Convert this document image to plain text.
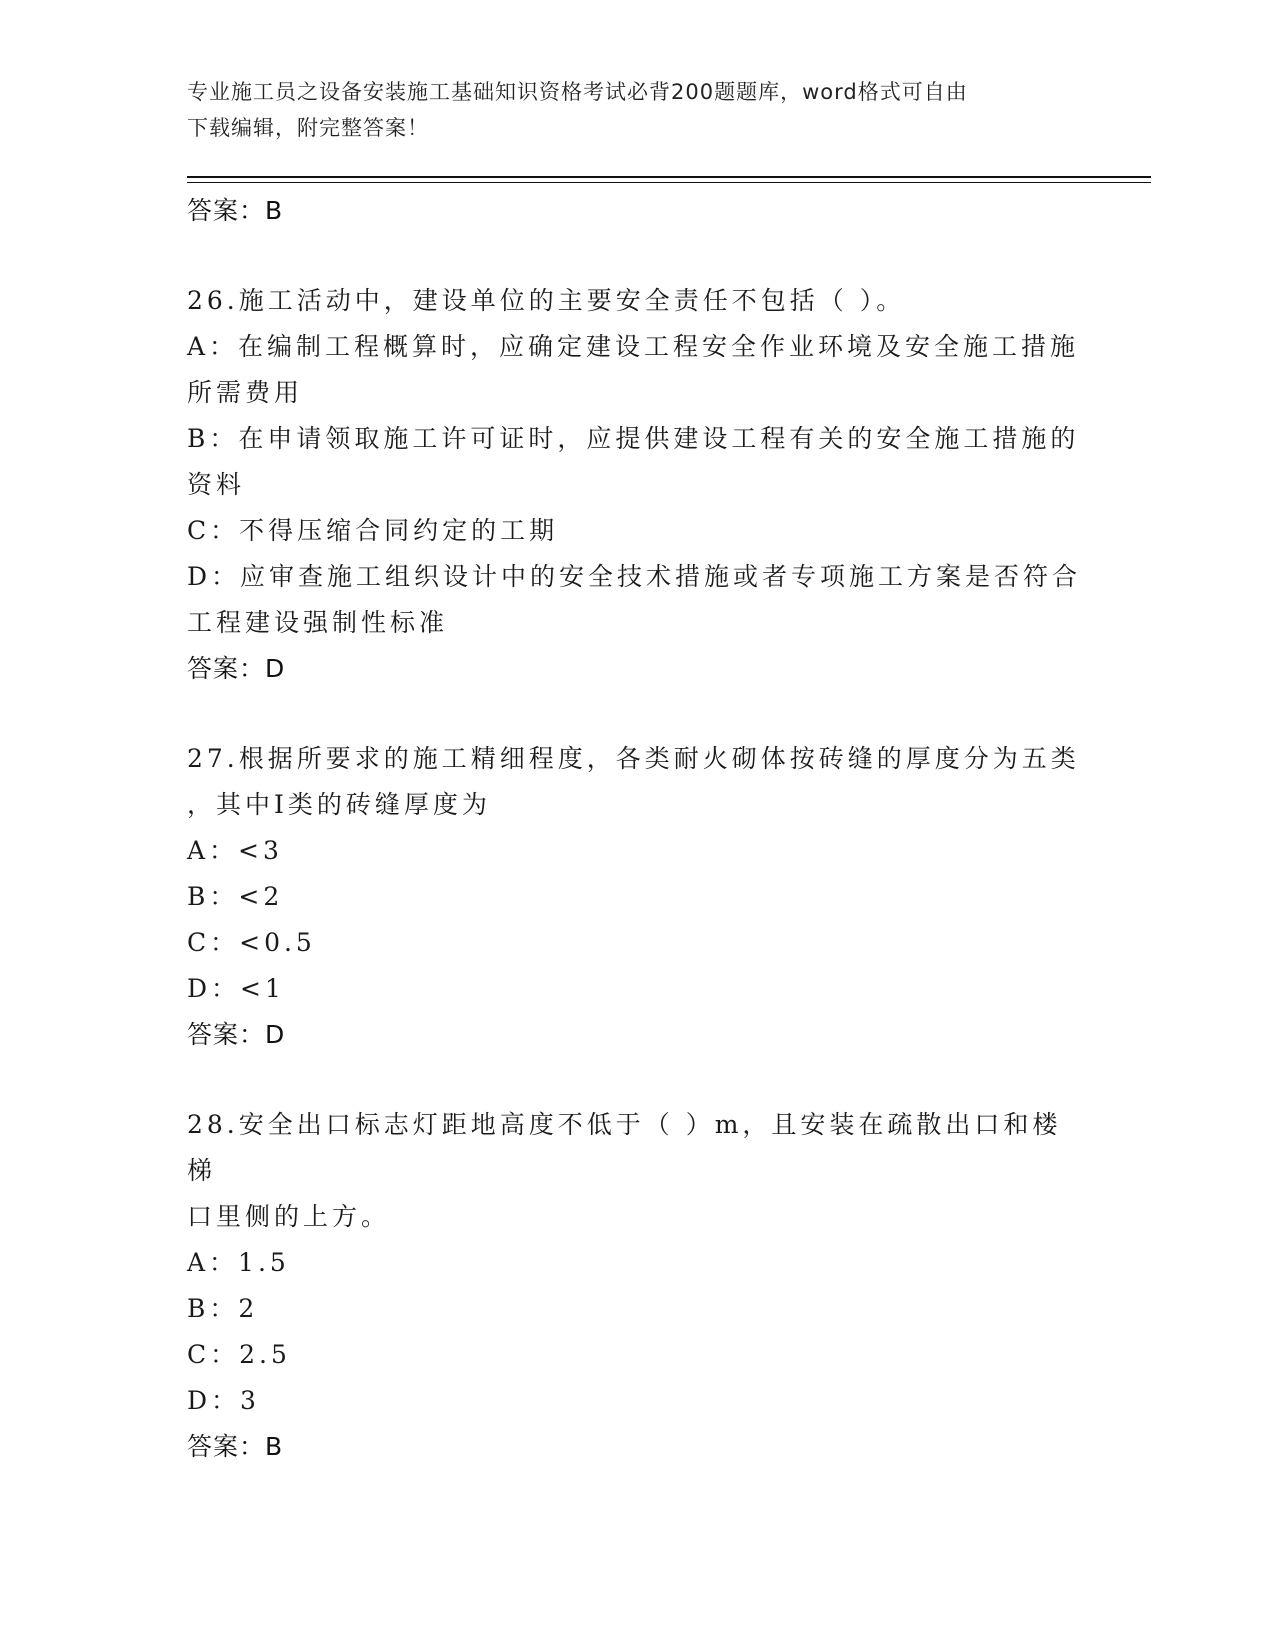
专业施工员之设备安装施工基础知识资格考试必背200题题库，word格式可自由
下载编辑，附完整答案！

答案：B

26.施工活动中，建设单位的主要安全责任不包括（ ）。

A：在编制工程概算时，应确定建设工程安全作业环境及安全施工措施

所需费用

B：在申请领取施工许可证时，应提供建设工程有关的安全施工措施的

资料

C：不得压缩合同约定的工期

D：应审查施工组织设计中的安全技术措施或者专项施工方案是否符合

工程建设强制性标准

答案：D

27.根据所要求的施工精细程度，各类耐火砌体按砖缝的厚度分为五类

，其中Ⅰ类的砖缝厚度为

A：<3

B：<2

C：<0.5

D：<1

答案：D

28.安全出口标志灯距地高度不低于（ ）m，且安装在疏散出口和楼梯

口里侧的上方。

A：1.5

B：2

C：2.5

D：3

答案：B
